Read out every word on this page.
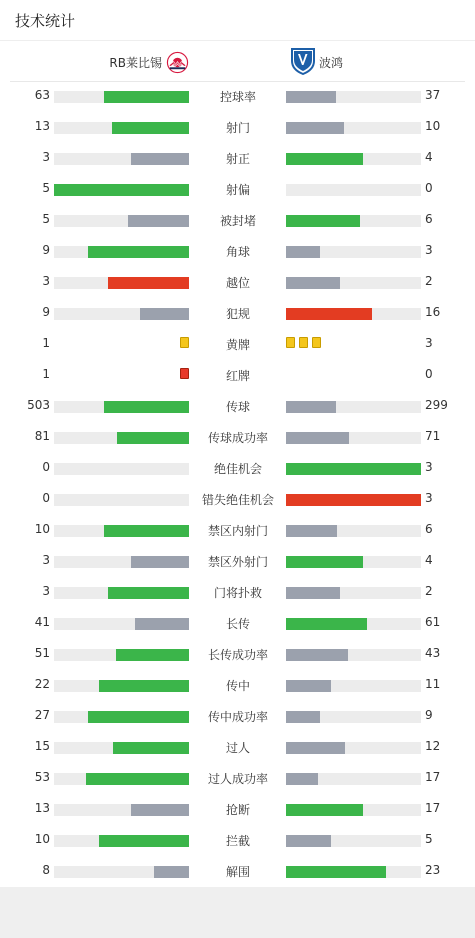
技术统计
RB莱比锡	波鸿
63	控球率	37
13	射门	10
3	射正	4
5	射偏	0
5	被封堵	6
9	角球	3
3	越位	2
9	犯规	16
1	黄牌	3
1	红牌	0
503	传球	299
81	传球成功率	71
0	绝佳机会	3
0	错失绝佳机会	3
10	禁区内射门	6
3	禁区外射门	4
3	门将扑救	2
41	长传	61
51	长传成功率	43
22	传中	11
27	传中成功率	9
15	过人	12
53	过人成功率	17
13	抢断	17
10	拦截	5
8	解围	23
